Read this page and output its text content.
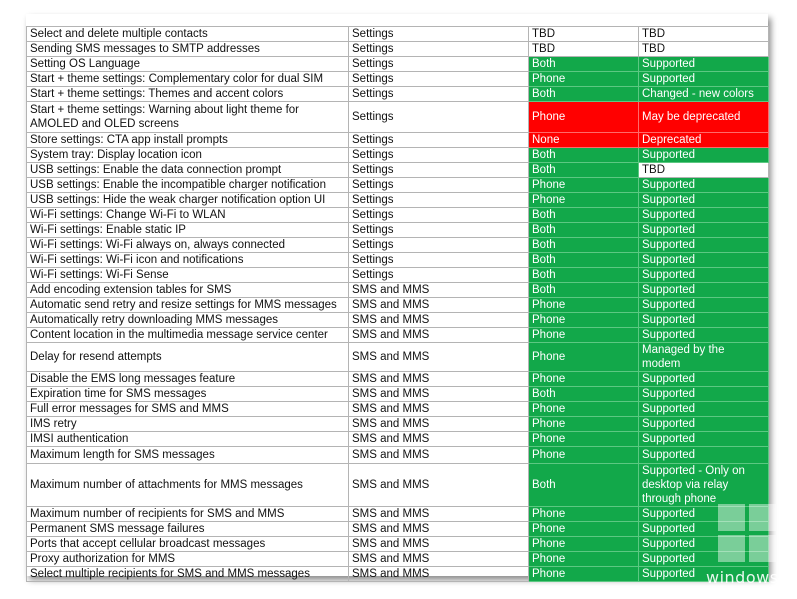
Select and delete multiple contacts	Settings	TBD	TBD
Sending SMS messages to SMTP addresses	Settings	TBD	TBD
Setting OS Language	Settings	Both	Supported
Start + theme settings: Complementary color for dual SIM	Settings	Phone	Supported
Start + theme settings: Themes and accent colors	Settings	Both	Changed - new colors
Start + theme settings: Warning about light theme for AMOLED and OLED screens	Settings	Phone	May be deprecated
Store settings: CTA app install prompts	Settings	None	Deprecated
System tray: Display location icon	Settings	Both	Supported
USB settings: Enable the data connection prompt	Settings	Both	TBD
USB settings: Enable the incompatible charger notification	Settings	Phone	Supported
USB settings: Hide the weak charger notification option UI	Settings	Phone	Supported
Wi-Fi settings: Change Wi-Fi to WLAN	Settings	Both	Supported
Wi-Fi settings: Enable static IP	Settings	Both	Supported
Wi-Fi settings: Wi-Fi always on, always connected	Settings	Both	Supported
Wi-Fi settings: Wi-Fi icon and notifications	Settings	Both	Supported
Wi-Fi settings: Wi-Fi Sense	Settings	Both	Supported
Add encoding extension tables for SMS	SMS and MMS	Both	Supported
Automatic send retry and resize settings for MMS messages	SMS and MMS	Phone	Supported
Automatically retry downloading MMS messages	SMS and MMS	Phone	Supported
Content location in the multimedia message service center	SMS and MMS	Phone	Supported
Delay for resend attempts	SMS and MMS	Phone	Managed by the modem
Disable the EMS long messages feature	SMS and MMS	Phone	Supported
Expiration time for SMS messages	SMS and MMS	Both	Supported
Full error messages for SMS and MMS	SMS and MMS	Phone	Supported
IMS retry	SMS and MMS	Phone	Supported
IMSI authentication	SMS and MMS	Phone	Supported
Maximum length for SMS messages	SMS and MMS	Phone	Supported
Maximum number of attachments for MMS messages	SMS and MMS	Both	Supported - Only on desktop via relay through phone
Maximum number of recipients for SMS and MMS	SMS and MMS	Phone	Supported
Permanent SMS message failures	SMS and MMS	Phone	Supported
Ports that accept cellular broadcast messages	SMS and MMS	Phone	Supported
Proxy authorization for MMS	SMS and MMS	Phone	Supported
Select multiple recipients for SMS and MMS messages	SMS and MMS	Phone	Supported windows
mania.pl
